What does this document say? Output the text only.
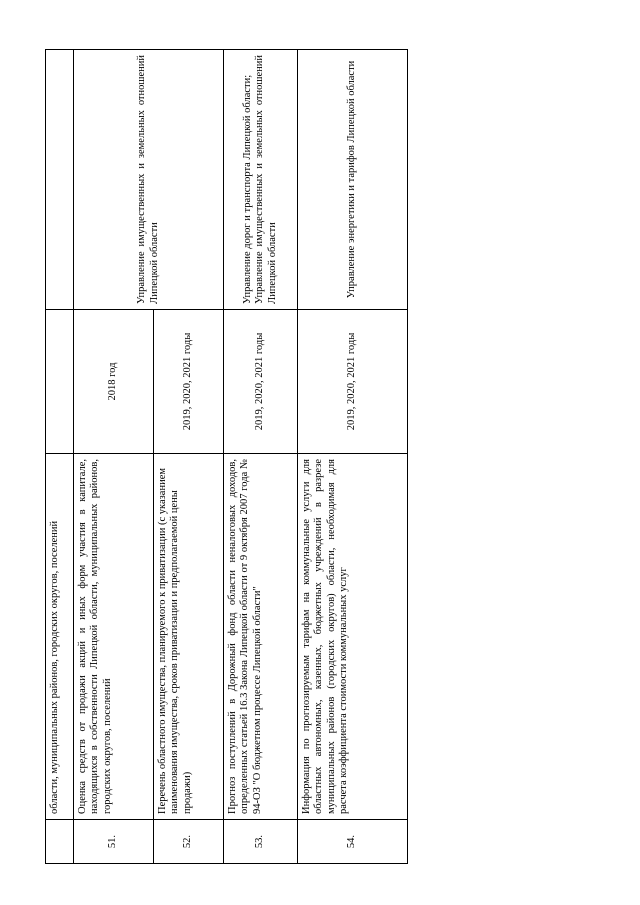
	области, муниципальных районов, городских округов, поселений		
51.	Оценка средств от продажи акций и иных форм участия в капитале, находящихся в собственности Липецкой области, муниципальных районов, городских округов, поселений	2018 год	Управление имущественных и земельных отношений Липецкой области
52.	Перечень областного имущества, планируемого к приватизации (с указанием наименования имущества, сроков приватизации и предполагаемой цены продажи)	2019, 2020, 2021 годы	
53.	Прогноз поступлений в Дорожный фонд области неналоговых доходов, определенных статьей 16.3 Закона Липецкой области от 9 октября 2007 года № 94-ОЗ "О бюджетном процессе Липецкой области"	2019, 2020, 2021 годы	Управление дорог и транспорта Липецкой области; Управление имущественных и земельных отношений Липецкой области

54.	Информация по прогнозируемым тарифам на коммунальные услуги для областных автономных, казенных, бюджетных учреждений в разрезе муниципальных районов (городских округов) области, необходимая для расчета коэффициента стоимости коммунальных услуг	2019, 2020, 2021 годы	Управление энергетики и тарифов Липецкой области
